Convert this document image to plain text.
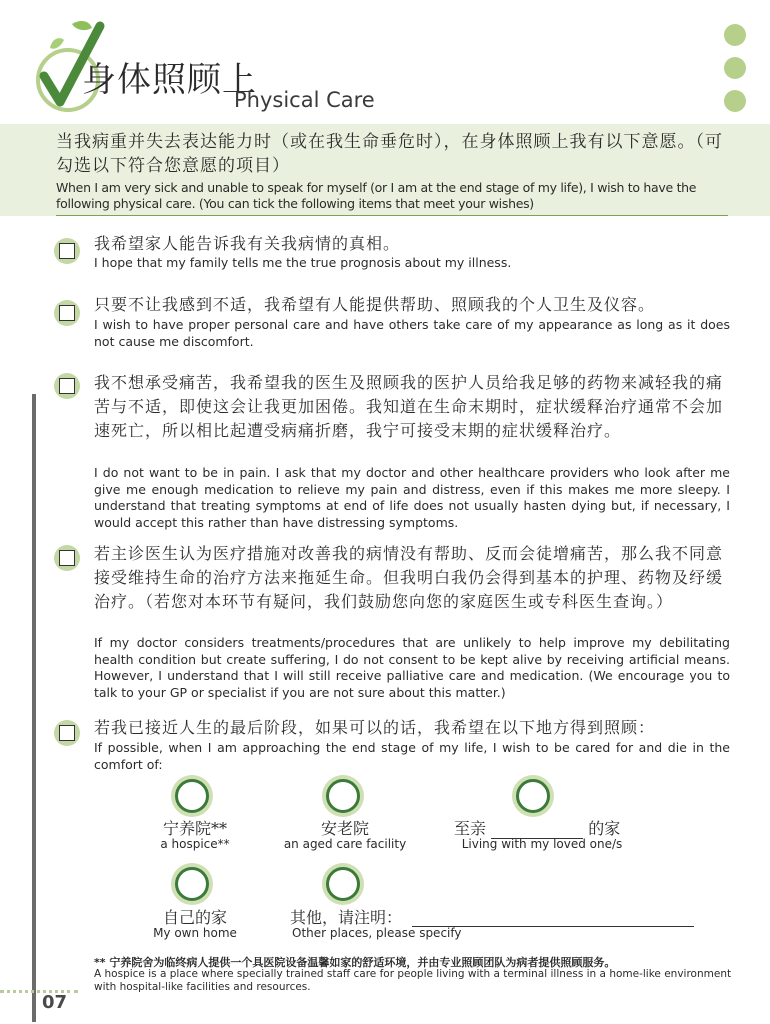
身体照顾上
Physical Care
当我病重并失去表达能力时（或在我生命垂危时），在身体照顾上我有以下意愿。（可勾选以下符合您意愿的项目）
When I am very sick and unable to speak for myself (or I am at the end stage of my life), I wish to have the following physical care. (You can tick the following items that meet your wishes)
我希望家人能告诉我有关我病情的真相。
I hope that my family tells me the true prognosis about my illness.
只要不让我感到不适，我希望有人能提供帮助、照顾我的个人卫生及仪容。
I wish to have proper personal care and have others take care of my appearance as long as it does not cause me discomfort.
我不想承受痛苦，我希望我的医生及照顾我的医护人员给我足够的药物来减轻我的痛苦与不适，即使这会让我更加困倦。我知道在生命末期时，症状缓释治疗通常不会加速死亡，所以相比起遭受病痛折磨，我宁可接受末期的症状缓释治疗。
I do not want to be in pain. I ask that my doctor and other healthcare providers who look after me give me enough medication to relieve my pain and distress, even if this makes me more sleepy. I understand that treating symptoms at end of life does not usually hasten dying but, if necessary, I would accept this rather than have distressing symptoms.
若主诊医生认为医疗措施对改善我的病情没有帮助、反而会徒增痛苦，那么我不同意接受维持生命的治疗方法来拖延生命。但我明白我仍会得到基本的护理、药物及纾缓治疗。（若您对本环节有疑问，我们鼓励您向您的家庭医生或专科医生查询。）
If my doctor considers treatments/procedures that are unlikely to help improve my debilitating health condition but create suffering, I do not consent to be kept alive by receiving artificial means. However, I understand that I will still receive palliative care and medication. (We encourage you to talk to your GP or specialist if you are not sure about this matter.)
若我已接近人生的最后阶段，如果可以的话，我希望在以下地方得到照顾：
If possible, when I am approaching the end stage of my life, I wish to be cared for and die in the comfort of:
宁养院**
a hospice**
安老院
an aged care facility
至亲	的家
Living with my loved one/s
自己的家
My own home
其他，请注明：
Other places, please specify
** 宁养院舍为临终病人提供一个具医院设备温馨如家的舒适环境，并由专业照顾团队为病者提供照顾服务。
A hospice is a place where specially trained staff care for people living with a terminal illness in a home-like environment with hospital-like facilities and resources.
07
